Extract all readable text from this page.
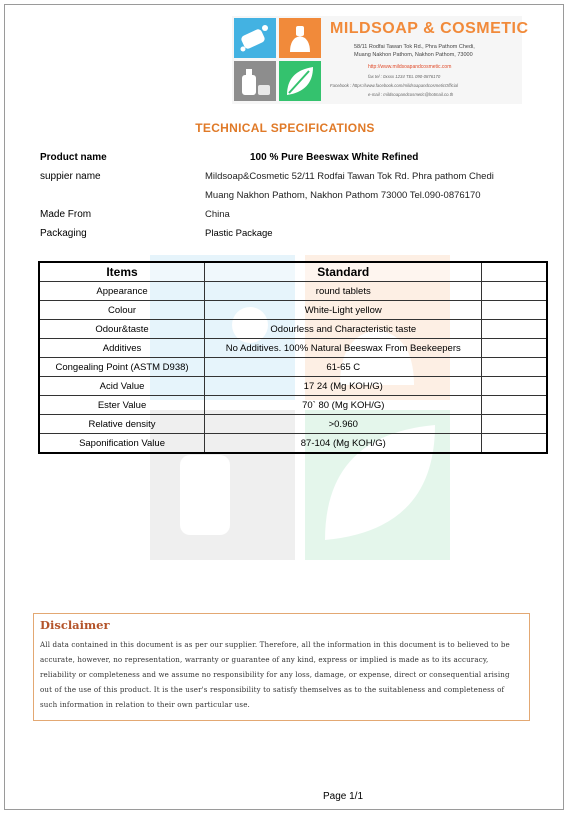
MILDSOAP & COSMETIC
58/11 Rodfai Tawan Tok Rd., Phra Pathom Chedi,
Muang Nakhon Pathom, Nakhon Pathom, 73000
http://www.mildsoapandcosmetic.com
fax tel : 0xxxx 1234 TEL 090-0876170
Facebook : https://www.facebook.com/mildsoapandcosmeticOfficial
e-mail : mildsoapandcosmetic@hotmail.co.th
TECHNICAL SPECIFICATIONS
Product name	100 % Pure Beeswax White Refined
suppier name	Mildsoap&Cosmetic 52/11 Rodfai Tawan Tok Rd. Phra pathom Chedi
Muang Nakhon Pathom, Nakhon Pathom 73000 Tel.090-0876170
Made From	China
Packaging	Plastic Package
Items	Standard	
Appearance	round tablets	
Colour	White-Light yellow	
Odour&taste	Odourless and Characteristic taste	
Additives	No Additives. 100% Natural Beeswax From Beekeepers	
Congealing Point (ASTM D938)	61-65 C	
Acid Value	17 24 (Mg KOH/G)	
Ester Value	70` 80 (Mg KOH/G)	
Relative density	>0.960	
Saponification Value	87-104 (Mg KOH/G)	
Disclaimer
All data contained in this document is as per our supplier. Therefore, all the information in this document is to believed to be accurate, however, no representation, warranty or guarantee of any kind, express or implied is made as to its accuracy, reliability or completeness and we assume no responsibility for any loss, damage, or expense, direct or consequential arising out of the use of this product. It is the user's responsibility to satisfy themselves as to the suitableness and completeness of such information in relation to their own particular use.
Page 1/1
